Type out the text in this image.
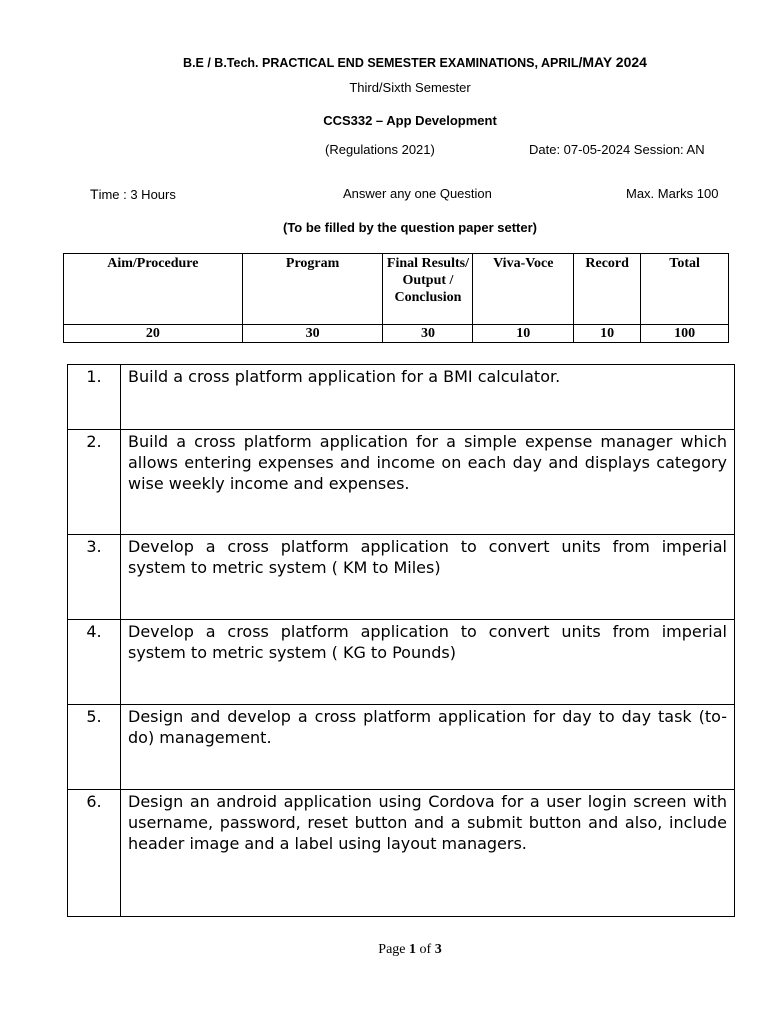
B.E / B.Tech. PRACTICAL END SEMESTER EXAMINATIONS, APRIL/MAY 2024
Third/Sixth Semester
CCS332 – App Development
(Regulations 2021)	Date: 07-05-2024 Session: AN
Time : 3 Hours	Answer any one Question	Max. Marks 100
(To be filled by the question paper setter)
Aim/Procedure	Program	Final Results/ Output / Conclusion	Viva-Voce	Record	Total
20	30	30	10	10	100
1.	Build a cross platform application for a BMI calculator.
2.	Build a cross platform application for a simple expense manager which allows entering expenses and income on each day and displays category wise weekly income and expenses.
3.	Develop a cross platform application to convert units from imperial system to metric system ( KM to Miles)
4.	Develop a cross platform application to convert units from imperial system to metric system ( KG to Pounds)
5.	Design and develop a cross platform application for day to day task (to-do) management.
6.	Design an android application using Cordova for a user login screen with username, password, reset button and a submit button and also, include header image and a label using layout managers.
Page 1 of 3
